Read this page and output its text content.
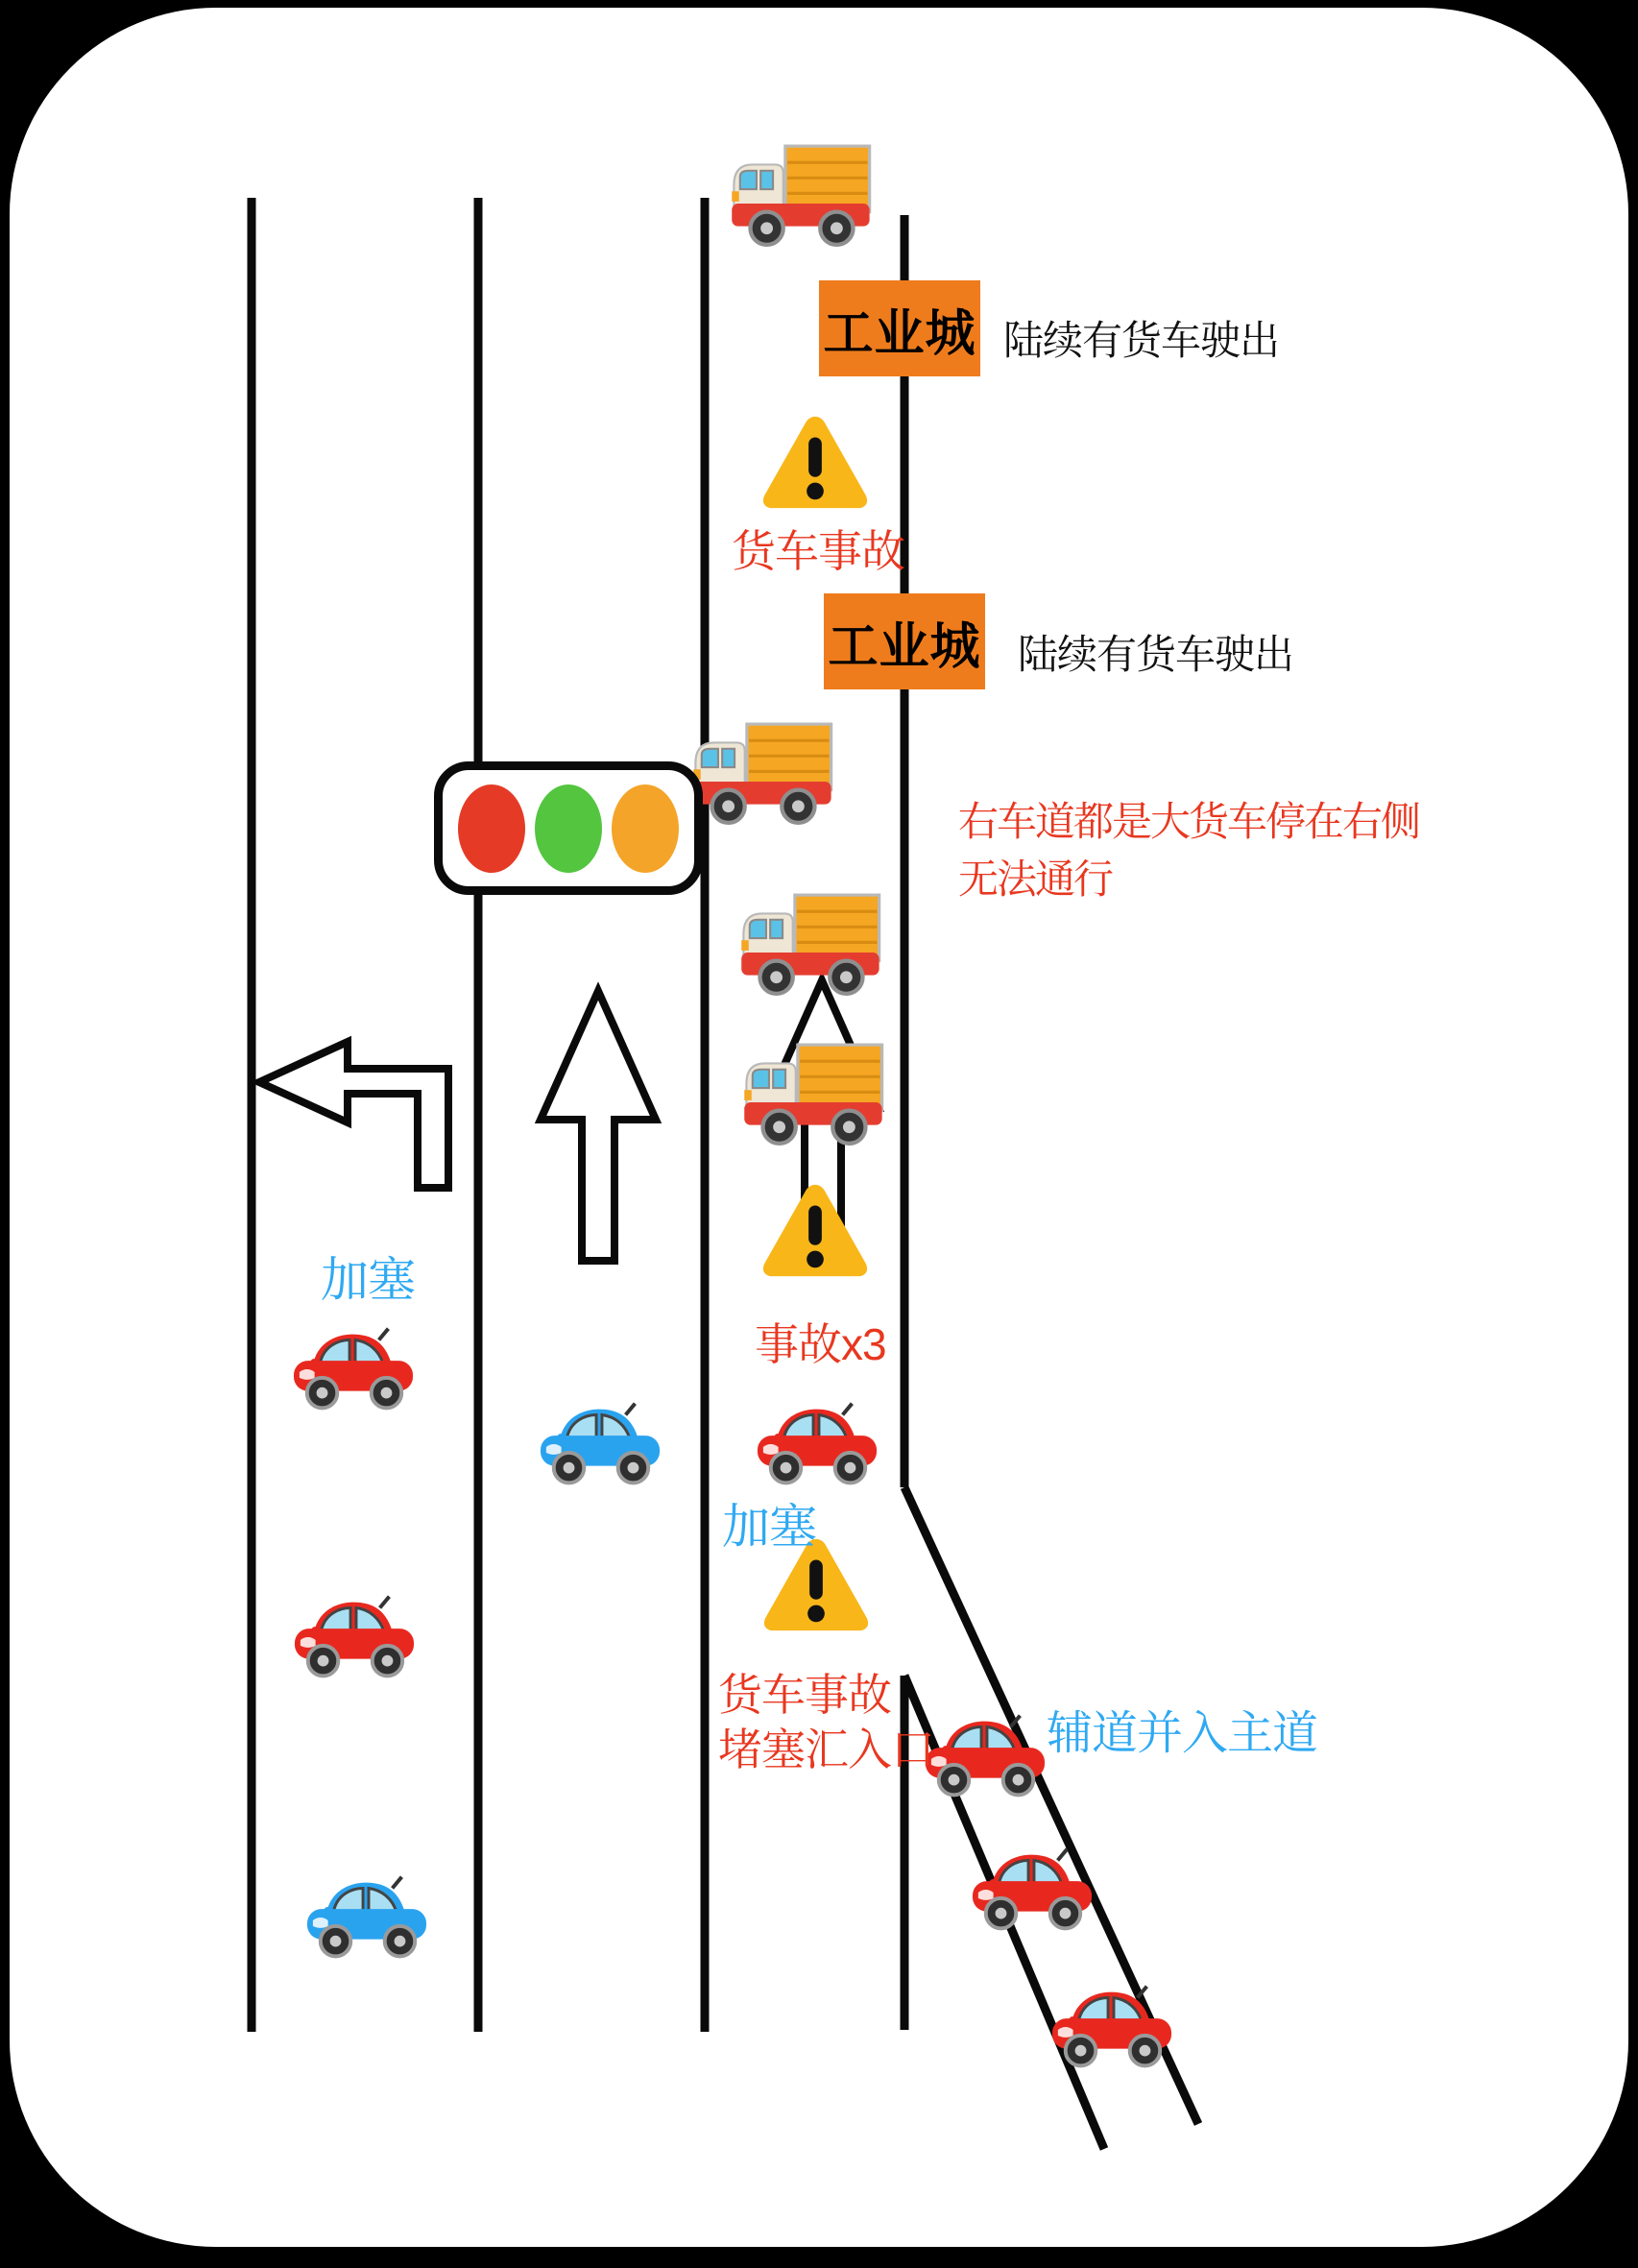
工业城
工业城
陆续有货车驶出
陆续有货车驶出
货车事故
右车道都是大货车停在右侧
无法通行
事故x3
加塞
加塞
货车事故
堵塞汇入口 辅道并入主道
